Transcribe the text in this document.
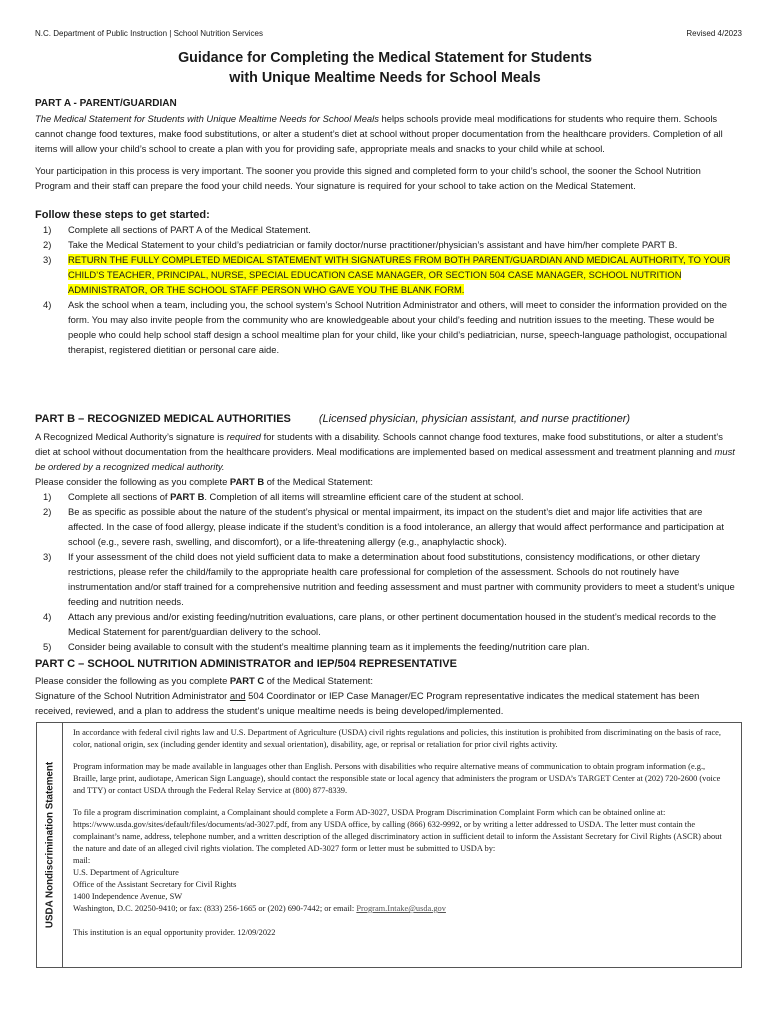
N.C. Department of Public Instruction | School Nutrition Services	Revised 4/2023
Guidance for Completing the Medical Statement for Students
with Unique Mealtime Needs for School Meals
PART A - PARENT/GUARDIAN

The Medical Statement for Students with Unique Mealtime Needs for School Meals helps schools provide meal modifications for students who require them. Schools cannot change food textures, make food substitutions, or alter a student’s diet at school without proper documentation from the healthcare providers. Completion of all items will allow your child’s school to create a plan with you for providing safe, appropriate meals and snacks to your child while at school.

Your participation in this process is very important. The sooner you provide this signed and completed form to your child’s school, the sooner the School Nutrition Program and their staff can prepare the food your child needs. Your signature is required for your school to take action on the Medical Statement.

Follow these steps to get started:
1) Complete all sections of PART A of the Medical Statement.
2) Take the Medical Statement to your child’s pediatrician or family doctor/nurse practitioner/physician’s assistant and have him/her complete PART B.
3) RETURN THE FULLY COMPLETED MEDICAL STATEMENT WITH SIGNATURES FROM BOTH PARENT/GUARDIAN AND MEDICAL AUTHORITY, TO YOUR CHILD’S TEACHER, PRINCIPAL, NURSE, SPECIAL EDUCATION CASE MANAGER, OR SECTION 504 CASE MANAGER, SCHOOL NUTRITION ADMINISTRATOR, OR THE SCHOOL STAFF PERSON WHO GAVE YOU THE BLANK FORM.
4) Ask the school when a team, including you, the school system’s School Nutrition Administrator and others, will meet to consider the information provided on the form. You may also invite people from the community who are knowledgeable about your child’s feeding and nutrition issues to the meeting. These would be people who could help school staff design a school mealtime plan for your child, like your child’s pediatrician, nurse, speech-language pathologist, occupational therapist, registered dietitian or personal care aide.
PART B – RECOGNIZED MEDICAL AUTHORITIES	(Licensed physician, physician assistant, and nurse practitioner)

A Recognized Medical Authority’s signature is required for students with a disability. Schools cannot change food textures, make food substitutions, or alter a student’s diet at school without documentation from the healthcare providers. Meal modifications are implemented based on medical assessment and treatment planning and must be ordered by a recognized medical authority.

Please consider the following as you complete PART B of the Medical Statement:

1) Complete all sections of PART B. Completion of all items will streamline efficient care of the student at school.
2) Be as specific as possible about the nature of the student’s physical or mental impairment, its impact on the student’s diet and major life activities that are affected. In the case of food allergy, please indicate if the student’s condition is a food intolerance, an allergy that would affect performance and participation at school (e.g., severe rash, swelling, and discomfort), or a life-threatening allergy (e.g., anaphylactic shock).
3) If your assessment of the child does not yield sufficient data to make a determination about food substitutions, consistency modifications, or other dietary restrictions, please refer the child/family to the appropriate health care professional for completion of the assessment. Schools do not routinely have instrumentation and/or staff trained for a comprehensive nutrition and feeding assessment and must partner with community providers to meet a student’s unique feeding and nutrition needs.
4) Attach any previous and/or existing feeding/nutrition evaluations, care plans, or other pertinent documentation housed in the student’s medical records to the Medical Statement for parent/guardian delivery to the school.
5) Consider being available to consult with the student’s mealtime planning team as it implements the feeding/nutrition care plan.
PART C – SCHOOL NUTRITION ADMINISTRATOR and IEP/504 REPRESENTATIVE

Please consider the following as you complete PART C of the Medical Statement:

Signature of the School Nutrition Administrator and 504 Coordinator or IEP Case Manager/EC Program representative indicates the medical statement has been received, reviewed, and a plan to address the student’s unique mealtime needs is being developed/implemented.

USDA Nondiscrimination Statement

In accordance with federal civil rights law and U.S. Department of Agriculture (USDA) civil rights regulations and policies, this institution is prohibited from discriminating on the basis of race, color, national origin, sex (including gender identity and sexual orientation), disability, age, or reprisal or retaliation for prior civil rights activity.

Program information may be made available in languages other than English. Persons with disabilities who require alternative means of communication to obtain program information (e.g., Braille, large print, audiotape, American Sign Language), should contact the responsible state or local agency that administers the program or USDA’s TARGET Center at (202) 720-2600 (voice and TTY) or contact USDA through the Federal Relay Service at (800) 877-8339.

To file a program discrimination complaint, a Complainant should complete a Form AD-3027, USDA Program Discrimination Complaint Form which can be obtained online at: https://www.usda.gov/sites/default/files/documents/ad-3027.pdf, from any USDA office, by calling (866) 632-9992, or by writing a letter addressed to USDA. The letter must contain the complainant’s name, address, telephone number, and a written description of the alleged discriminatory action in sufficient detail to inform the Assistant Secretary for Civil Rights (ASCR) about the nature and date of an alleged civil rights violation. The completed AD-3027 form or letter must be submitted to USDA by:

mail:
U.S. Department of Agriculture
Office of the Assistant Secretary for Civil Rights
1400 Independence Avenue, SW
Washington, D.C. 20250-9410; or fax: (833) 256-1665 or (202) 690-7442; or email: Program.Intake@usda.gov

This institution is an equal opportunity provider. 12/09/2022
